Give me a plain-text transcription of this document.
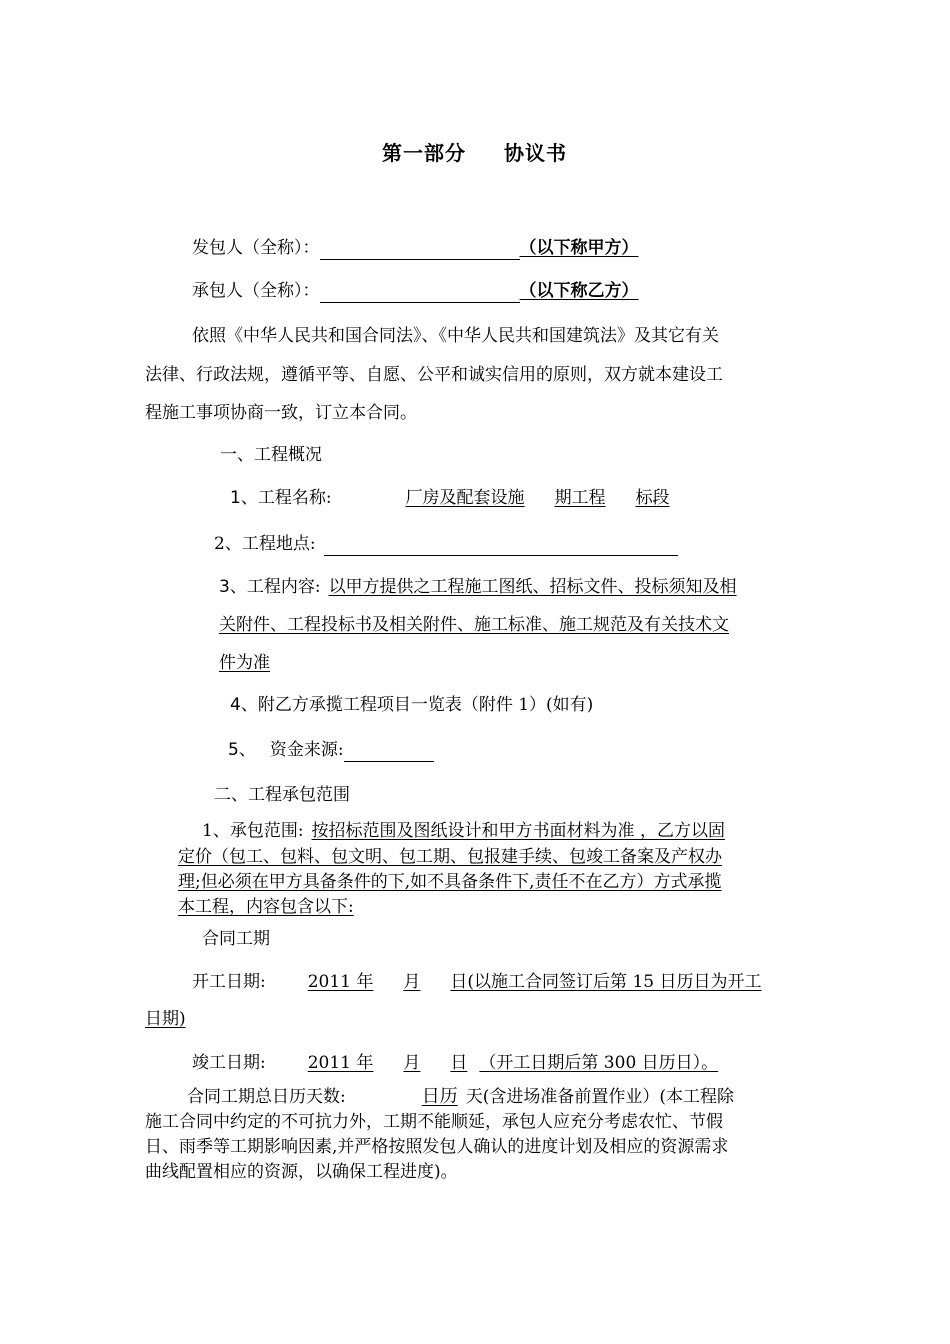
第一部分 协议书
发包人（全称）：	（以下称甲方）
承包人（全称）：	（以下称乙方）
依照《中华人民共和国合同法》、《中华人民共和国建筑法》及其它有关
法律、行政法规，遵循平等、自愿、公平和诚实信用的原则，双方就本建设工
程施工事项协商一致，订立本合同。
一、工程概况
1、工程名称:	厂房及配套设施 期工程 标段
2、工程地点:
3、工程内容: 以甲方提供之工程施工图纸、招标文件、投标须知及相
关附件、工程投标书及相关附件、施工标准、施工规范及有关技术文
件为准
4、附乙方承揽工程项目一览表（附件 1）(如有)
5、 资金来源:
二、工程承包范围
1、承包范围: 按招标范围及图纸设计和甲方书面材料为准 ，乙方以固
定价（包工、包料、包文明、包工期、包报建手续、包竣工备案及产权办
理;但必须在甲方具备条件的下,如不具备条件下,责任不在乙方）方式承揽
本工程，内容包含以下:
合同工期
开工日期: 2011 年 月 日(以施工合同签订后第 15 日历日为开工
日期)
竣工日期: 2011 年 月 日 （开工日期后第 300 日历日）。
合同工期总日历天数:	日历 天(含进场准备前置作业）(本工程除
施工合同中约定的不可抗力外，工期不能顺延，承包人应充分考虑农忙、节假
日、雨季等工期影响因素,并严格按照发包人确认的进度计划及相应的资源需求
曲线配置相应的资源，以确保工程进度)。
